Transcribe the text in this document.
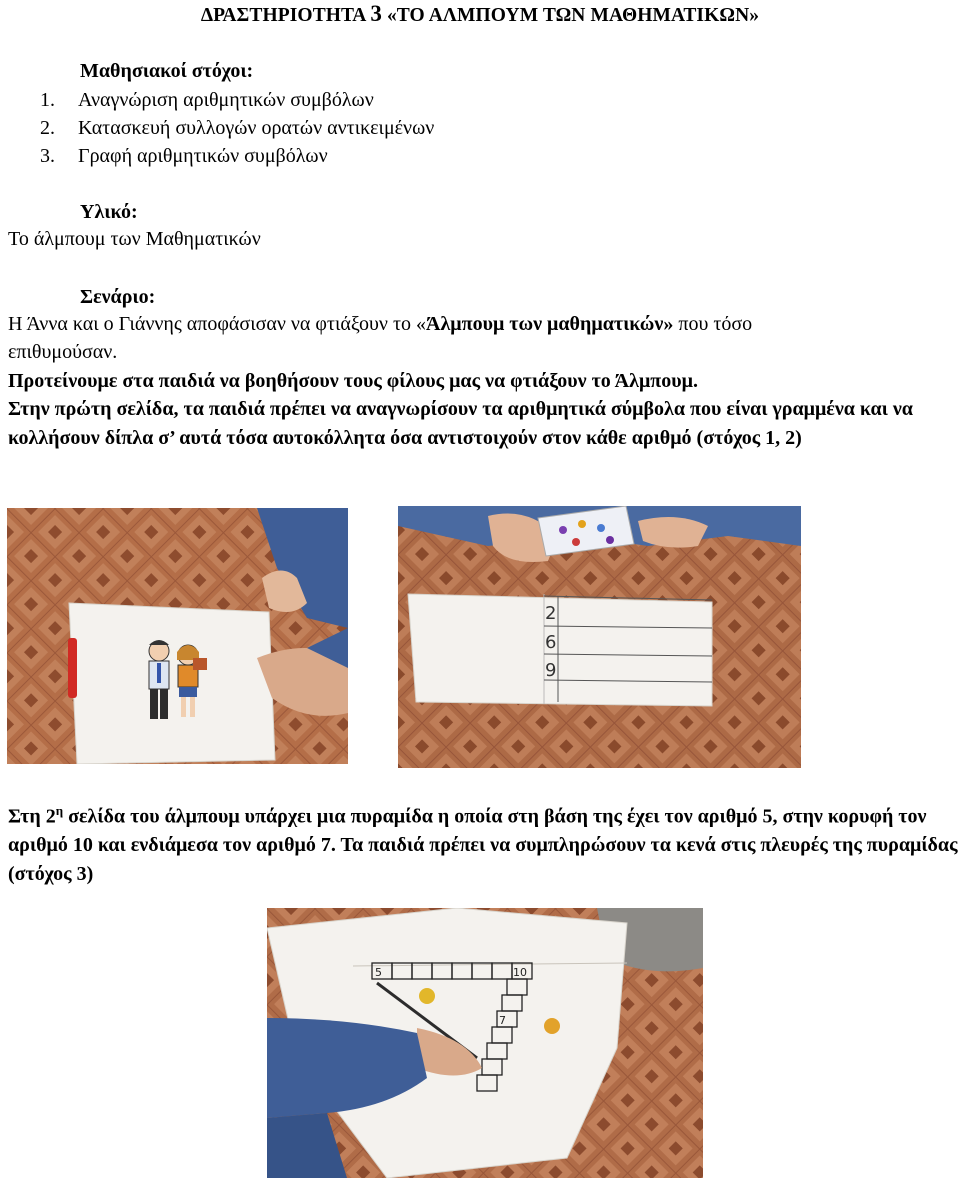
ΔΡΑΣΤΗΡΙΟΤΗΤΑ 3 «ΤΟ ΑΛΜΠΟΥΜ ΤΩΝ ΜΑΘΗΜΑΤΙΚΩΝ»
Μαθησιακοί στόχοι:
1. Αναγνώριση αριθμητικών συμβόλων
2. Κατασκευή συλλογών ορατών αντικειμένων
3. Γραφή αριθμητικών συμβόλων
Υλικό:
Το άλμπουμ των Μαθηματικών
Σενάριο:
Η Άννα και ο Γιάννης αποφάσισαν να φτιάξουν το «Άλμπουμ των μαθηματικών» που τόσο
επιθυμούσαν.
Προτείνουμε στα παιδιά να βοηθήσουν τους φίλους μας να φτιάξουν το Άλμπουμ.
Στην πρώτη σελίδα, τα παιδιά πρέπει να αναγνωρίσουν τα αριθμητικά σύμβολα που είναι γραμμένα και να κολλήσουν δίπλα σ’ αυτά τόσα αυτοκόλλητα όσα αντιστοιχούν στον κάθε αριθμό (στόχος 1, 2)
2
6
9
Στη $2^\eta$ σελίδα του άλμπουμ υπάρχει μια πυραμίδα η οποία στη βάση της έχει τον αριθμό 5, στην κορυφή τον αριθμό 10 και ενδιάμεσα τον αριθμό 7. Τα παιδιά πρέπει να συμπληρώσουν τα κενά στις πλευρές της πυραμίδας (στόχος 3)
5
7
10
